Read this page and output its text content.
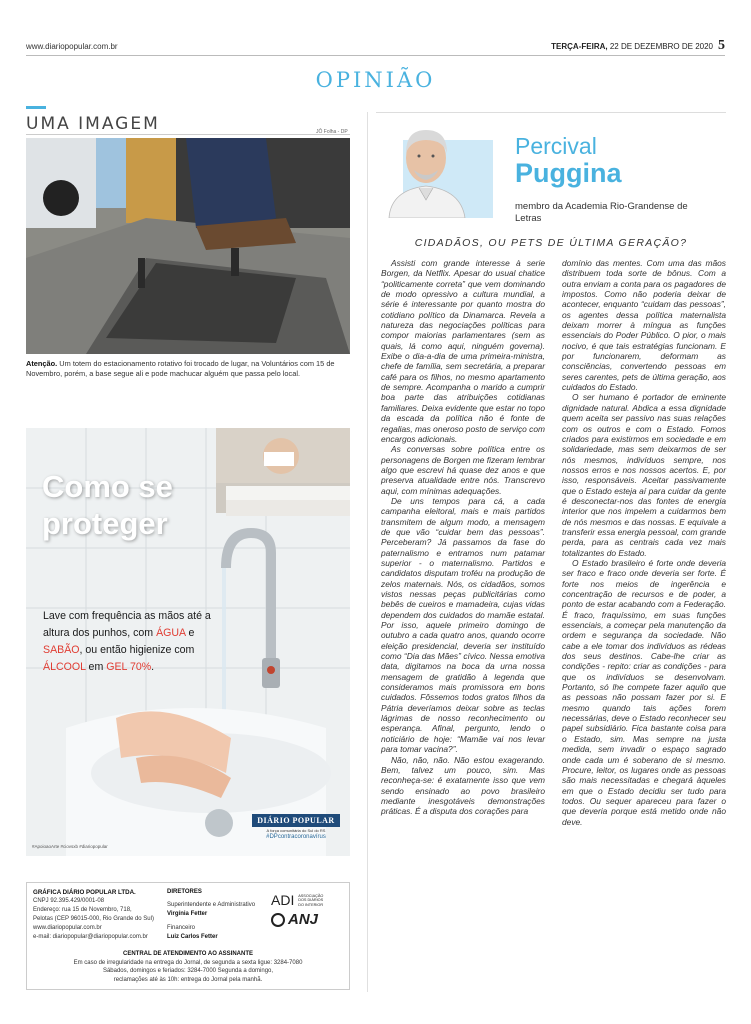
www.diariopopular.com.br	TERÇA-FEIRA, 22 DE DEZEMBRO DE 2020 5
OPINIÃO
UMA IMAGEM	JÔ Folha - DP
Atenção. Um totem do estacionamento rotativo foi trocado de lugar, na Voluntários com 15 de Novembro, porém, a base segue ali e pode machucar alguém que passa pelo local.
Como se
proteger
Lave com frequência as mãos até a altura dos punhos, com ÁGUA e SABÃO, ou então higienize com ÁLCOOL em GEL 70%.
#ApoioaoArte #ciovsxb #diariopopular
DIÁRIO POPULAR
A força comunitária do Sul do RS
#DPcontracoronavírus
GRÁFICA DIÁRIO POPULAR LTDA.
CNPJ 92.395.429/0001-08
Endereço: rua 15 de Novembro, 718,
Pelotas (CEP 96015-000, Rio Grande do Sul)
www.diariopopular.com.br
e-mail: diariopopular@diariopopular.com.br
DIRETORES
Superintendente e Administrativo
Virgínia Fetter
Financeiro
Luiz Carlos Fetter
ADI ASSOCIAÇÃO DOS DIÁRIOS DO INTERIOR
ANJ
CENTRAL DE ATENDIMENTO AO ASSINANTE
Em caso de irregularidade na entrega do Jornal, de segunda a sexta ligue: 3284-7080
Sábados, domingos e feriados: 3284-7000 Segunda a domingo,
reclamações até às 10h: entrega do Jornal pela manhã.
Percival
Puggina
membro da Academia Rio-Grandense de Letras
CIDADÃOS, OU PETS DE ÚLTIMA GERAÇÃO?

Assisti com grande interesse à serie Borgen, da Netflix. Apesar do usual chatice “politicamente correta” que vem dominando de modo opressivo a cultura mundial, a série é interessante por quanto mostra do cotidiano político da Dinamarca. Revela a natureza das negociações políticas para compor maiorias parlamentares (sem as quais, lá como aqui, ninguém governa). Exibe o dia-a-dia de uma primeira-ministra, chefe de família, sem secretária, a preparar café para os filhos, no mesmo apartamento de sempre. Acompanha o marido a cumprir boa parte das atribuições cotidianas familiares. Deixa evidente que estar no topo da escada da política não é fonte de regalias, mas oneroso posto de serviço com encargos adicionais.

As conversas sobre política entre os personagens de Borgen me fizeram lembrar algo que escrevi há quase dez anos e que preserva atualidade entre nós. Transcrevo aqui, com mínimas adequações.

De uns tempos para cá, a cada campanha eleitoral, mais e mais partidos transmitem de algum modo, a mensagem de que vão “cuidar bem das pessoas”. Perceberam? Já passamos da fase do paternalismo e entramos num patamar superior - o maternalismo. Partidos e candidatos disputam troféu na produção de zelos maternais. Nós, os cidadãos, somos vistos nessas peças publicitárias como bebês de cueiros e mamadeira, cujas vidas dependem dos cuidados do mamãe estatal. Por isso, aquele primeiro domingo de outubro a cada quatro anos, quando ocorre eleição presidencial, deveria ser instituído como “Dia das Mães” cívico. Nessa emotiva data, digitamos na boca da urna nossa mensagem de gratidão à legenda que consideramos mais promissora em bons cuidados. Fôssemos todos gratos filhos da Pátria deveríamos deixar sobre as teclas lágrimas de nosso reconhecimento ou esperança. Afinal, pergunto, lendo o noticiário de hoje: “Mamãe vai nos levar para tomar vacina?”.

Não, não, não. Não estou exagerando. Bem, talvez um pouco, sim. Mas reconheça-se: é exatamente isso que vem sendo ensinado ao povo brasileiro mediante inesgotáveis demonstrações práticas. É a disputa dos corações para

domínio das mentes. Com uma das mãos distribuem toda sorte de bônus. Com a outra enviam a conta para os pagadores de impostos. Como não poderia deixar de acontecer, enquanto “cuidam das pessoas”, os agentes dessa política maternalista deixam morrer à míngua as funções essenciais do Poder Público. O pior, o mais nocivo, é que tais estratégias funcionam. E por funcionarem, deformam as consciências, convertendo pessoas em seres carentes, pets de última geração, aos cuidados do Estado.

O ser humano é portador de eminente dignidade natural. Abdica a essa dignidade quem aceita ser passivo nas suas relações com os outros e com o Estado. Fomos criados para existirmos em sociedade e em solidariedade, mas sem deixarmos de ser nós mesmos, indivíduos sempre, nos nossos erros e nos nossos acertos. E, por isso, responsáveis. Aceitar passivamente que o Estado esteja aí para cuidar da gente é desconectar-nos das fontes de energia interior que nos impelem a cuidarmos bem de nós mesmos e das nossas. E equivale a transferir essa energia pessoal, com grande perda, para as centrais cada vez mais totalizantes do Estado.

O Estado brasileiro é forte onde deveria ser fraco e fraco onde deveria ser forte. É forte nos meios de ingerência e concentração de recursos e de poder, a ponto de estar acabando com a Federação. É fraco, fraquíssimo, em suas funções essenciais, a começar pela manutenção da ordem e segurança da sociedade. Não cabe a ele tomar dos indivíduos as rédeas dos seus destinos. Cabe-lhe criar as condições - repito: criar as condições - para que os indivíduos se desenvolvam. Portanto, só lhe compete fazer aquilo que as pessoas não possam fazer por si. E mesmo quando tais ações forem necessárias, deve o Estado reconhecer seu papel subsidiário. Fica bastante coisa para o Estado, sim. Mas sempre na justa medida, sem invadir o espaço sagrado onde cada um é soberano de si mesmo. Procure, leitor, os lugares onde as pessoas são mais necessitadas e chegará àqueles em que o Estado decidiu ser tudo para todos. Ou sequer apareceu para fazer o que deveria porque está metido onde não deve.
